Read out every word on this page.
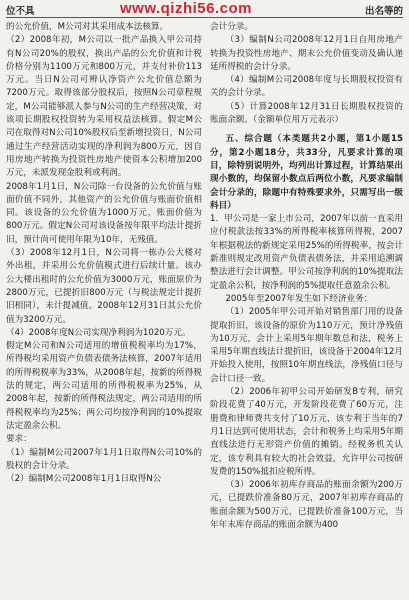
位不具	www.qizhi56.com	出名等的

的公允价值，M公司对其采用成本法核算。

（2）2008年初，M公司以一批产品换入甲公司持有N公司20%的股权，换出产品的公允价值和计税价格分别为1100万元和800万元，并支付补价113万元。当日N公司可辨认净资产公允价值总额为7200万元。取得该部分股权后，按照N公司章程规定，M公司能够派人参与N公司的生产经营决策，对该项长期股权投资转为采用权益法核算。假定M公司在取得对N公司10%股权后至新增投资日，N公司通过生产经营活动实现的净利润为800万元，因自用房地产转换为投资性房地产使资本公积增加200万元，未派发现金股利或利润。

2008年1月1日，N公司除一台设备的公允价值与账面价值不同外，其他资产的公允价值与账面价值相同。该设备的公允价值为1000万元，账面价值为800万元。假定N公司对该设备按年限平均法计提折旧，预计尚可使用年限为10年，无残值。

（3）2008年12月1日，N公司将一栋办公大楼对外出租，并采用公允价值模式进行后续计量。该办公大楼出租时的公允价值为3000万元，账面原价为2800万元，已提折旧800万元（与税法规定计提折旧相同），未计提减值。2008年12月31日其公允价值为3200万元。

（4）2008年度N公司实现净利润为1020万元。

假定M公司和N公司适用的增值税税率均为17%，所得税均采用资产负债表债务法核算，2007年适用的所得税税率为33%，从2008年起，按新的所得税法的规定，两公司适用的所得税税率为25%，从2008年起，按新的所得税法规定，两公司适用的所得税税率均为25%；两公司均按净利润的10%提取法定盈余公积。

要求：

（1）编制M公司2007年1月1日取得N公司10%的股权的会计分录。

（2）编制M公司2008年1月1日取得N公

会计分录。

（3）编制N公司2008年12月1日自用房地产转换为投资性房地产、期末公允价值变动及确认递延所得税的会计分录。

（4）编制M公司2008年度与长期股权投资有关的会计分录。

（5）计算2008年12月31日长期股权投资的账面余额。（金额单位用万元表示）

五、综合题（本类题共2小题，第1小题15分，第2小题18分，共33分，凡要求计算的项目，除特别说明外，均列出计算过程，计算结果出现小数的，均保留小数点后两位小数，凡要求编制会计分录的，除题中有特殊要求外，只需写出一级科目）

1．甲公司是一家上市公司，2007年以前一直采用应付税款法按33%的所得税率核算所得税，2007年根据税法的新规定采用25%的所得税率，按会计新准则规定改用资产负债表债务法，并采用追溯调整法进行会计调整。甲公司按净利润的10%提取法定盈余公积，按净利润的5%提取任意盈余公积。

2005年至2007年发生如下经济业务：

（1）2005年甲公司开始对销售部门用的设备提取折旧，该设备的原价为110万元，预计净残值为10万元，会计上采用5年期年数总和法，税务上采用5年期直线法计提折旧，该设备于2004年12月开始投入使用，按照10年期直线法，净残值口径与会计口径一致。

（2）2006年初甲公司开始研发B专利，研究阶段花费了40万元，开发阶段花费了60万元，注册费和律师费共支付了10万元，该专利于当年的7月1日达到可使用状态，会计和税务上均采用5年期直线法进行无形资产价值的摊销。经税务机关认定，该专利具有较大的社会效益，允许甲公司按研发费的150%抵扣应税所得。

（3）2006年初库存商品的账面余额为200万元，已提跌价准备80万元，2007年初库存商品的账面余额为500万元，已提跌价准备100万元，当年年末库存商品的账面余额为400
